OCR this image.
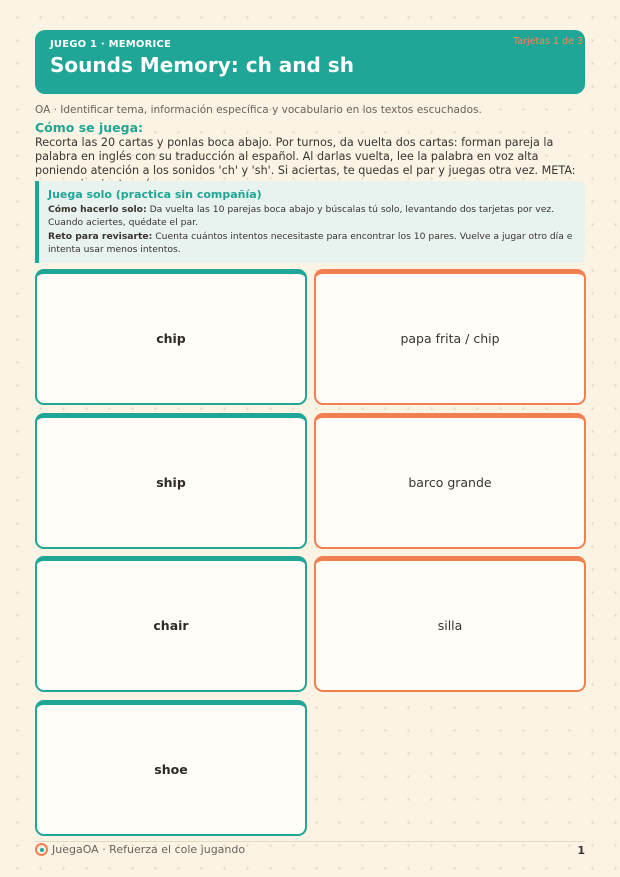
JUEGO 1 · MEMORICE
Sounds Memory: ch and sh
Tarjetas 1 de 3
OA · Identificar tema, información específica y vocabulario en los textos escuchados.
Cómo se juega:
Recorta las 20 cartas y ponlas boca abajo. Por turnos, da vuelta dos cartas: forman pareja la palabra en inglés con su traducción al español. Al darlas vuelta, lee la palabra en voz alta poniendo atención a los sonidos 'ch' y 'sh'. Si aciertas, te quedas el par y juegas otra vez. META:
Juega solo (practica sin compañía)
Cómo hacerlo solo: Da vuelta las 10 parejas boca abajo y búscalas tú solo, levantando dos tarjetas por vez. Cuando aciertes, quédate el par.
Reto para revisarte: Cuenta cuántos intentos necesitaste para encontrar los 10 pares. Vuelve a jugar otro día e intenta usar menos intentos.
chip	papa frita / chip
ship	barco grande
chair	silla
shoe
JuegaOA · Refuerza el cole jugando	1
